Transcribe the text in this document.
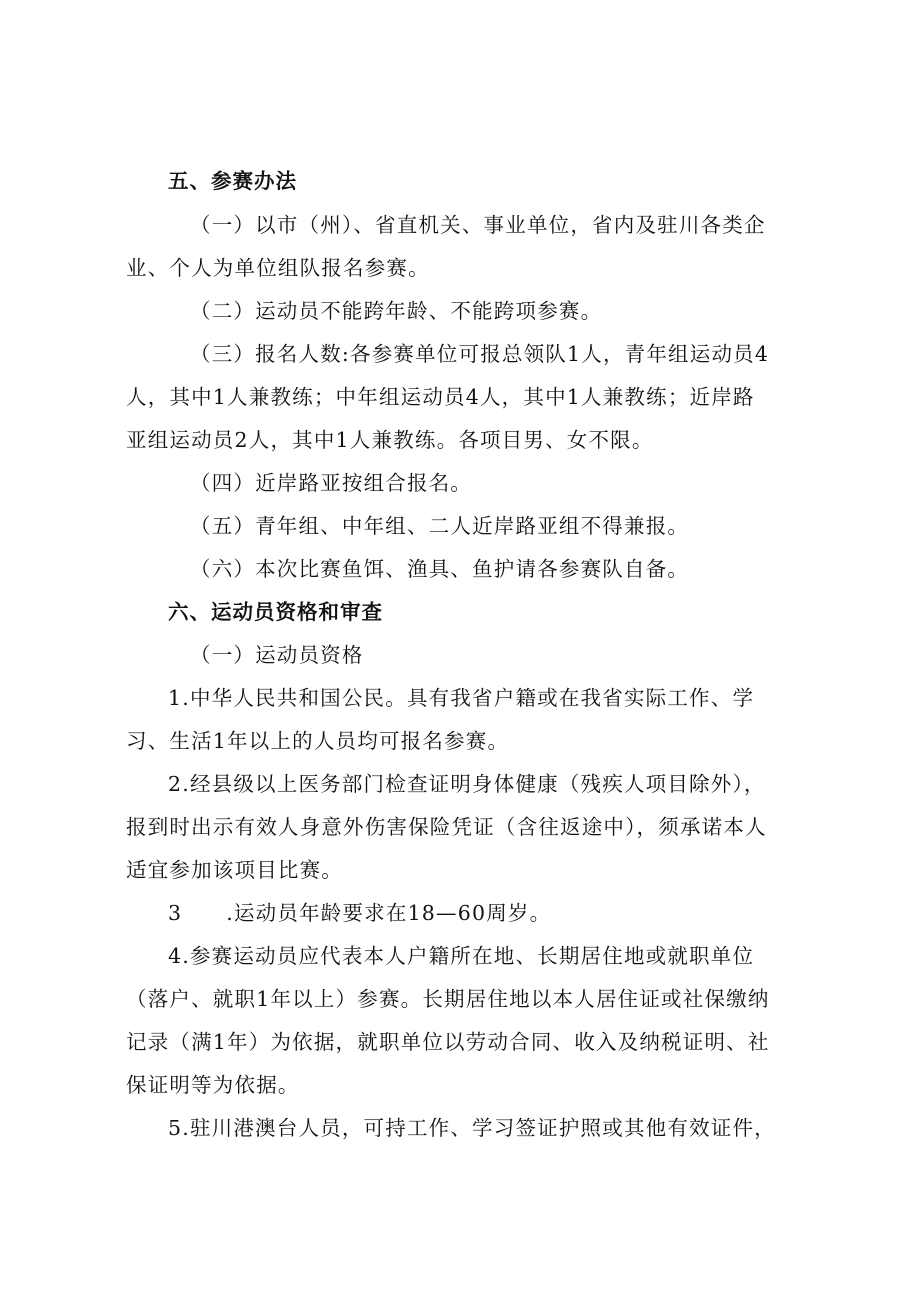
五、参赛办法
（一）以市（州）、省直机关、事业单位，省内及驻川各类企
业、个人为单位组队报名参赛。
（二）运动员不能跨年龄、不能跨项参赛。
（三）报名人数:各参赛单位可报总领队1人，青年组运动员4
人，其中1人兼教练；中年组运动员4人，其中1人兼教练；近岸路
亚组运动员2人，其中1人兼教练。各项目男、女不限。
（四）近岸路亚按组合报名。
（五）青年组、中年组、二人近岸路亚组不得兼报。
（六）本次比赛鱼饵、渔具、鱼护请各参赛队自备。
六、运动员资格和审查
（一）运动员资格
1.中华人民共和国公民。具有我省户籍或在我省实际工作、学
习、生活1年以上的人员均可报名参赛。
2.经县级以上医务部门检查证明身体健康（残疾人项目除外），
报到时出示有效人身意外伤害保险凭证（含往返途中），须承诺本人
适宜参加该项目比赛。
3 .运动员年龄要求在18—60周岁。
4.参赛运动员应代表本人户籍所在地、长期居住地或就职单位
（落户、就职1年以上）参赛。长期居住地以本人居住证或社保缴纳
记录（满1年）为依据，就职单位以劳动合同、收入及纳税证明、社
保证明等为依据。
5.驻川港澳台人员，可持工作、学习签证护照或其他有效证件，
